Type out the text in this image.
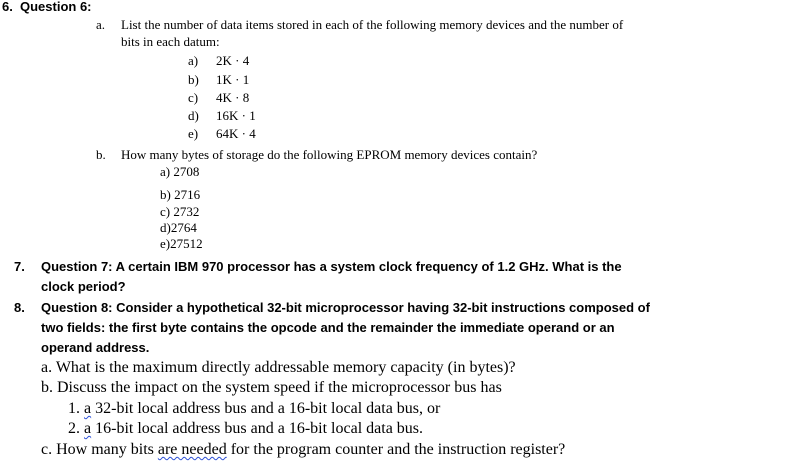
6. Question 6:
a. List the number of data items stored in each of the following memory devices and the number of
bits in each datum:
a) 2K · 4
b) 1K · 1
c) 4K · 8
d) 16K · 1
e) 64K · 4
b. How many bytes of storage do the following EPROM memory devices contain?
a) 2708
b) 2716
c) 2732
d)2764
e)27512
7. Question 7: A certain IBM 970 processor has a system clock frequency of 1.2 GHz. What is the
clock period?
8. Question 8: Consider a hypothetical 32-bit microprocessor having 32-bit instructions composed of
two fields: the first byte contains the opcode and the remainder the immediate operand or an
operand address.
a. What is the maximum directly addressable memory capacity (in bytes)?
b. Discuss the impact on the system speed if the microprocessor bus has
1. a 32-bit local address bus and a 16-bit local data bus, or
2. a 16-bit local address bus and a 16-bit local data bus.
c. How many bits are needed for the program counter and the instruction register?
